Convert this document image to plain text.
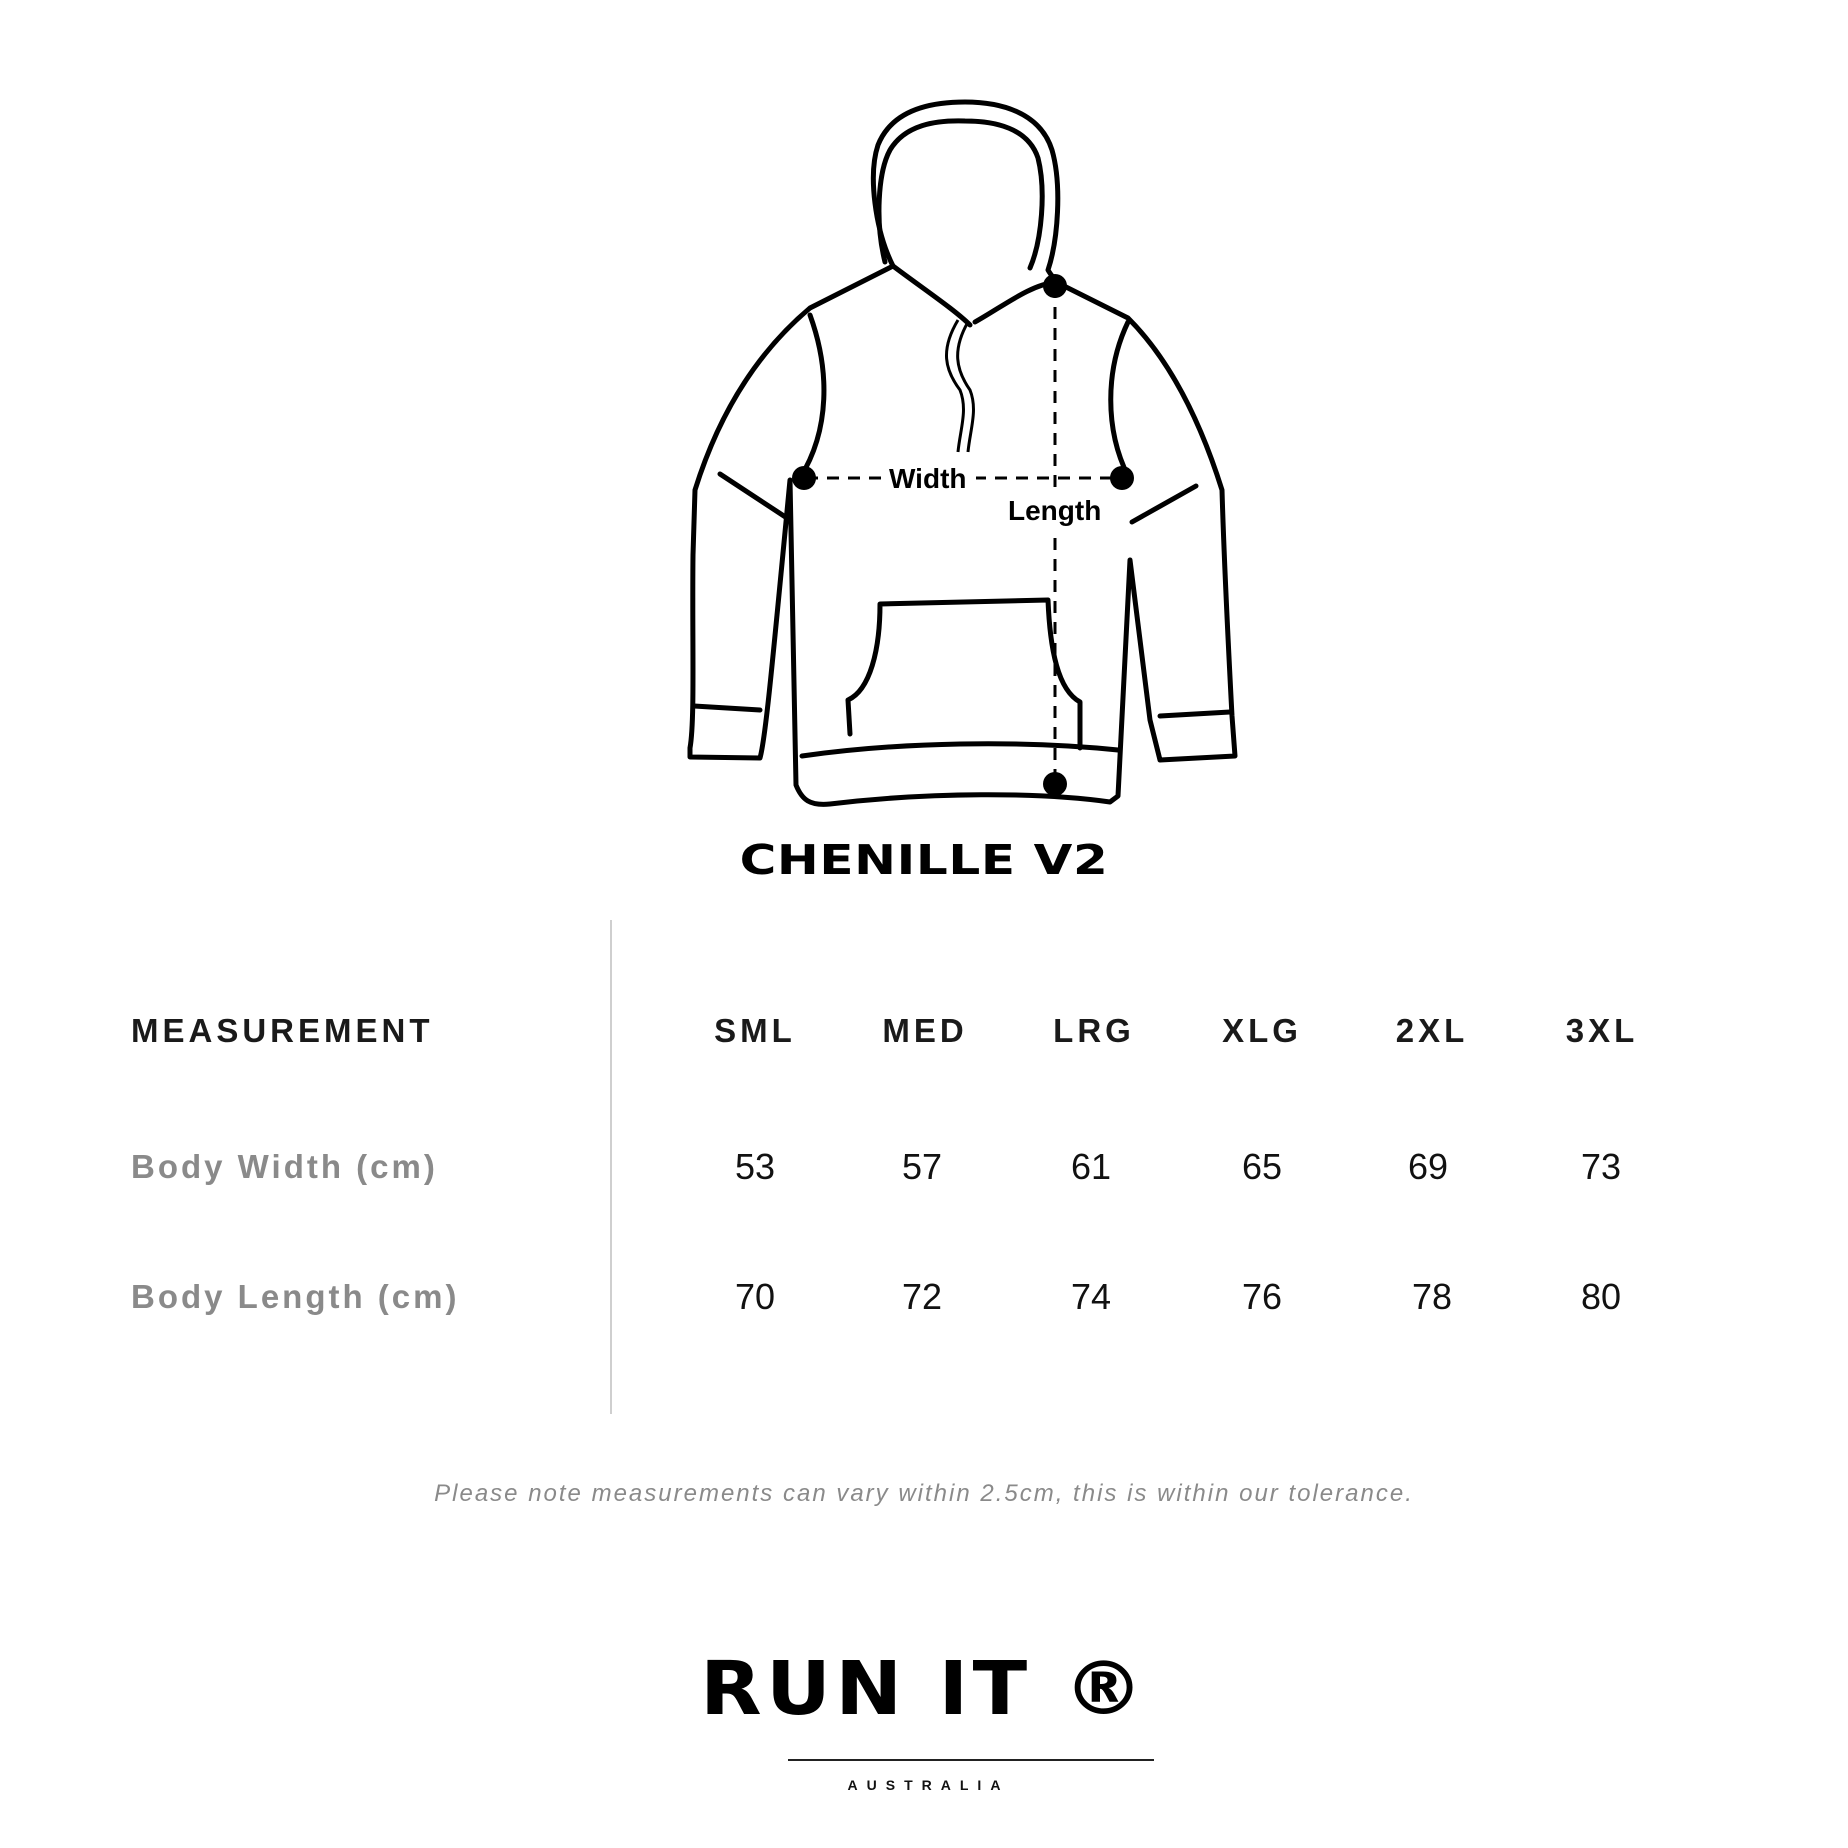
Width
Length
CHENILLE V2
MEASUREMENT	SML	MED	LRG	XLG	2XL	3XL
Body Width (cm)	53	57	61	65	69	73
Body Length (cm)	70	72	74	76	78	80
Please note measurements can vary within 2.5cm, this is within our tolerance.
RUN IT ®
AUSTRALIA
